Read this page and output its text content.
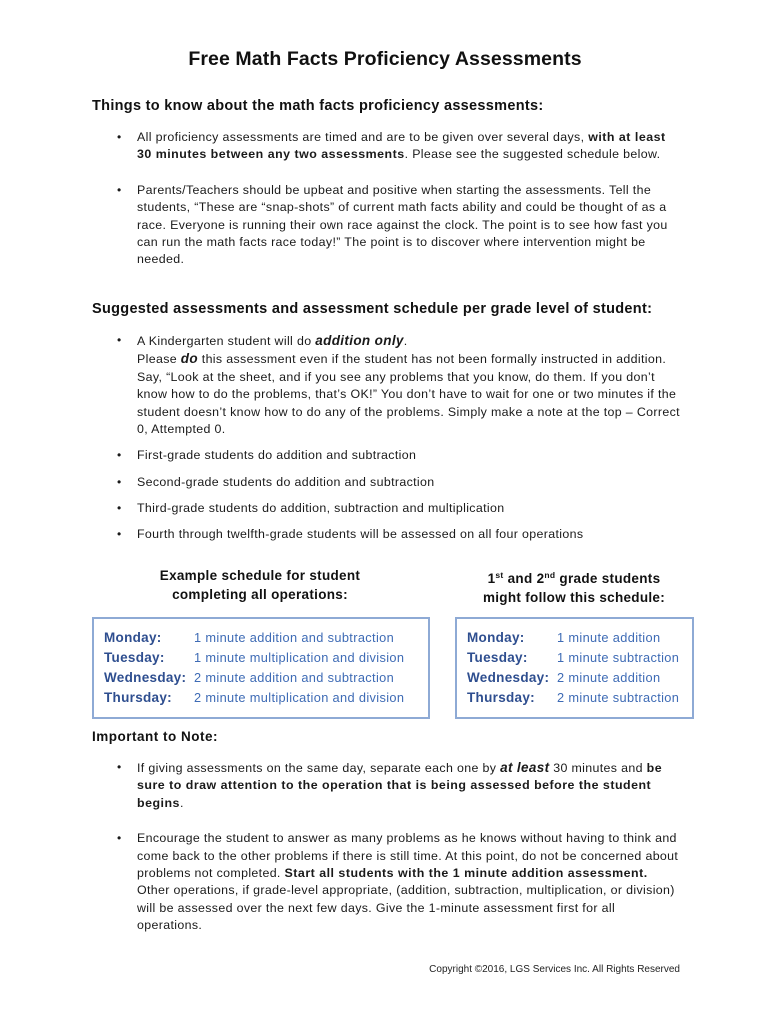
Free Math Facts Proficiency Assessments
Things to know about the math facts proficiency assessments:
• All proficiency assessments are timed and are to be given over several days, with at least 30 minutes between any two assessments. Please see the suggested schedule below.
• Parents/Teachers should be upbeat and positive when starting the assessments. Tell the students, “These are “snap-shots” of current math facts ability and could be thought of as a race. Everyone is running their own race against the clock. The point is to see how fast you can run the math facts race today!” The point is to discover where intervention might be needed.
Suggested assessments and assessment schedule per grade level of student:
• A Kindergarten student will do addition only.
Please do this assessment even if the student has not been formally instructed in addition. Say, “Look at the sheet, and if you see any problems that you know, do them. If you don’t know how to do the problems, that’s OK!” You don’t have to wait for one or two minutes if the student doesn’t know how to do any of the problems. Simply make a note at the top – Correct 0, Attempted 0.
• First-grade students do addition and subtraction
• Second-grade students do addition and subtraction
• Third-grade students do addition, subtraction and multiplication
• Fourth through twelfth-grade students will be assessed on all four operations
Example schedule for student
completing all operations:
1st and 2nd grade students
might follow this schedule:
Monday:	1 minute addition and subtraction
Tuesday: 1 minute multiplication and division
Wednesday: 2 minute addition and subtraction
Thursday: 2 minute multiplication and division
Monday:	1 minute addition
Tuesday: 1 minute subtraction
Wednesday: 2 minute addition
Thursday: 2 minute subtraction
Important to Note:
• If giving assessments on the same day, separate each one by at least 30 minutes and be sure to draw attention to the operation that is being assessed before the student begins.
• Encourage the student to answer as many problems as he knows without having to think and come back to the other problems if there is still time. At this point, do not be concerned about problems not completed. Start all students with the 1 minute addition assessment. Other operations, if grade-level appropriate, (addition, subtraction, multiplication, or division) will be assessed over the next few days. Give the 1-minute assessment first for all operations.
Copyright ©2016, LGS Services Inc. All Rights Reserved
